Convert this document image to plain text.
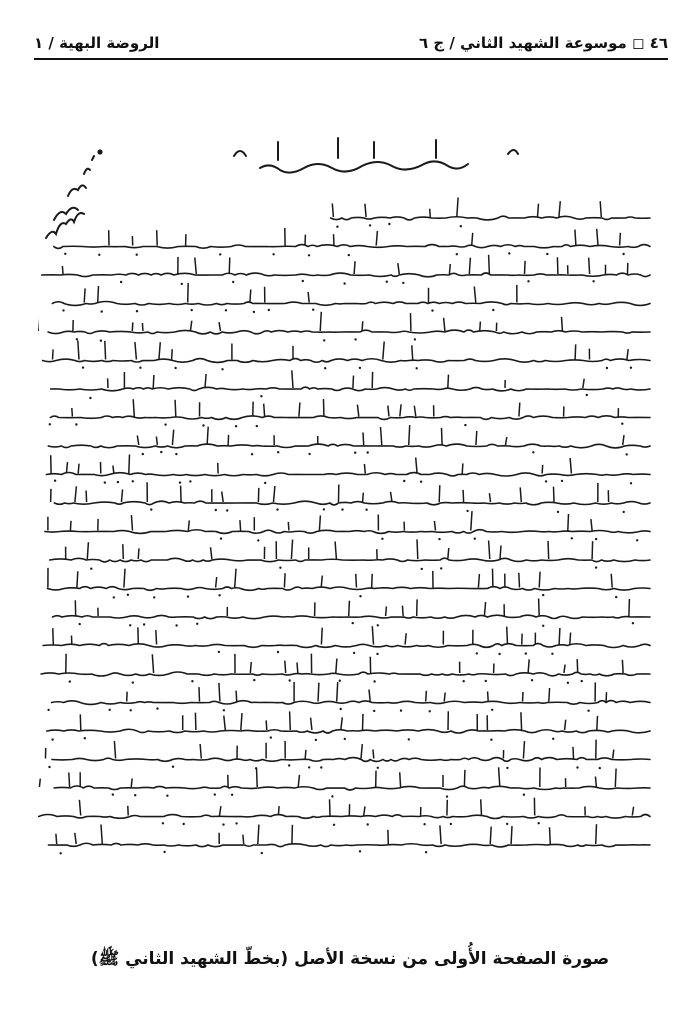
٤٦ ◻ موسوعة الشهيد الثاني / ج ٦
الروضة البهية / ١
صورة الصفحة الأُولى من نسخة الأصل (بخطّ الشهيد الثاني ﷺ)
